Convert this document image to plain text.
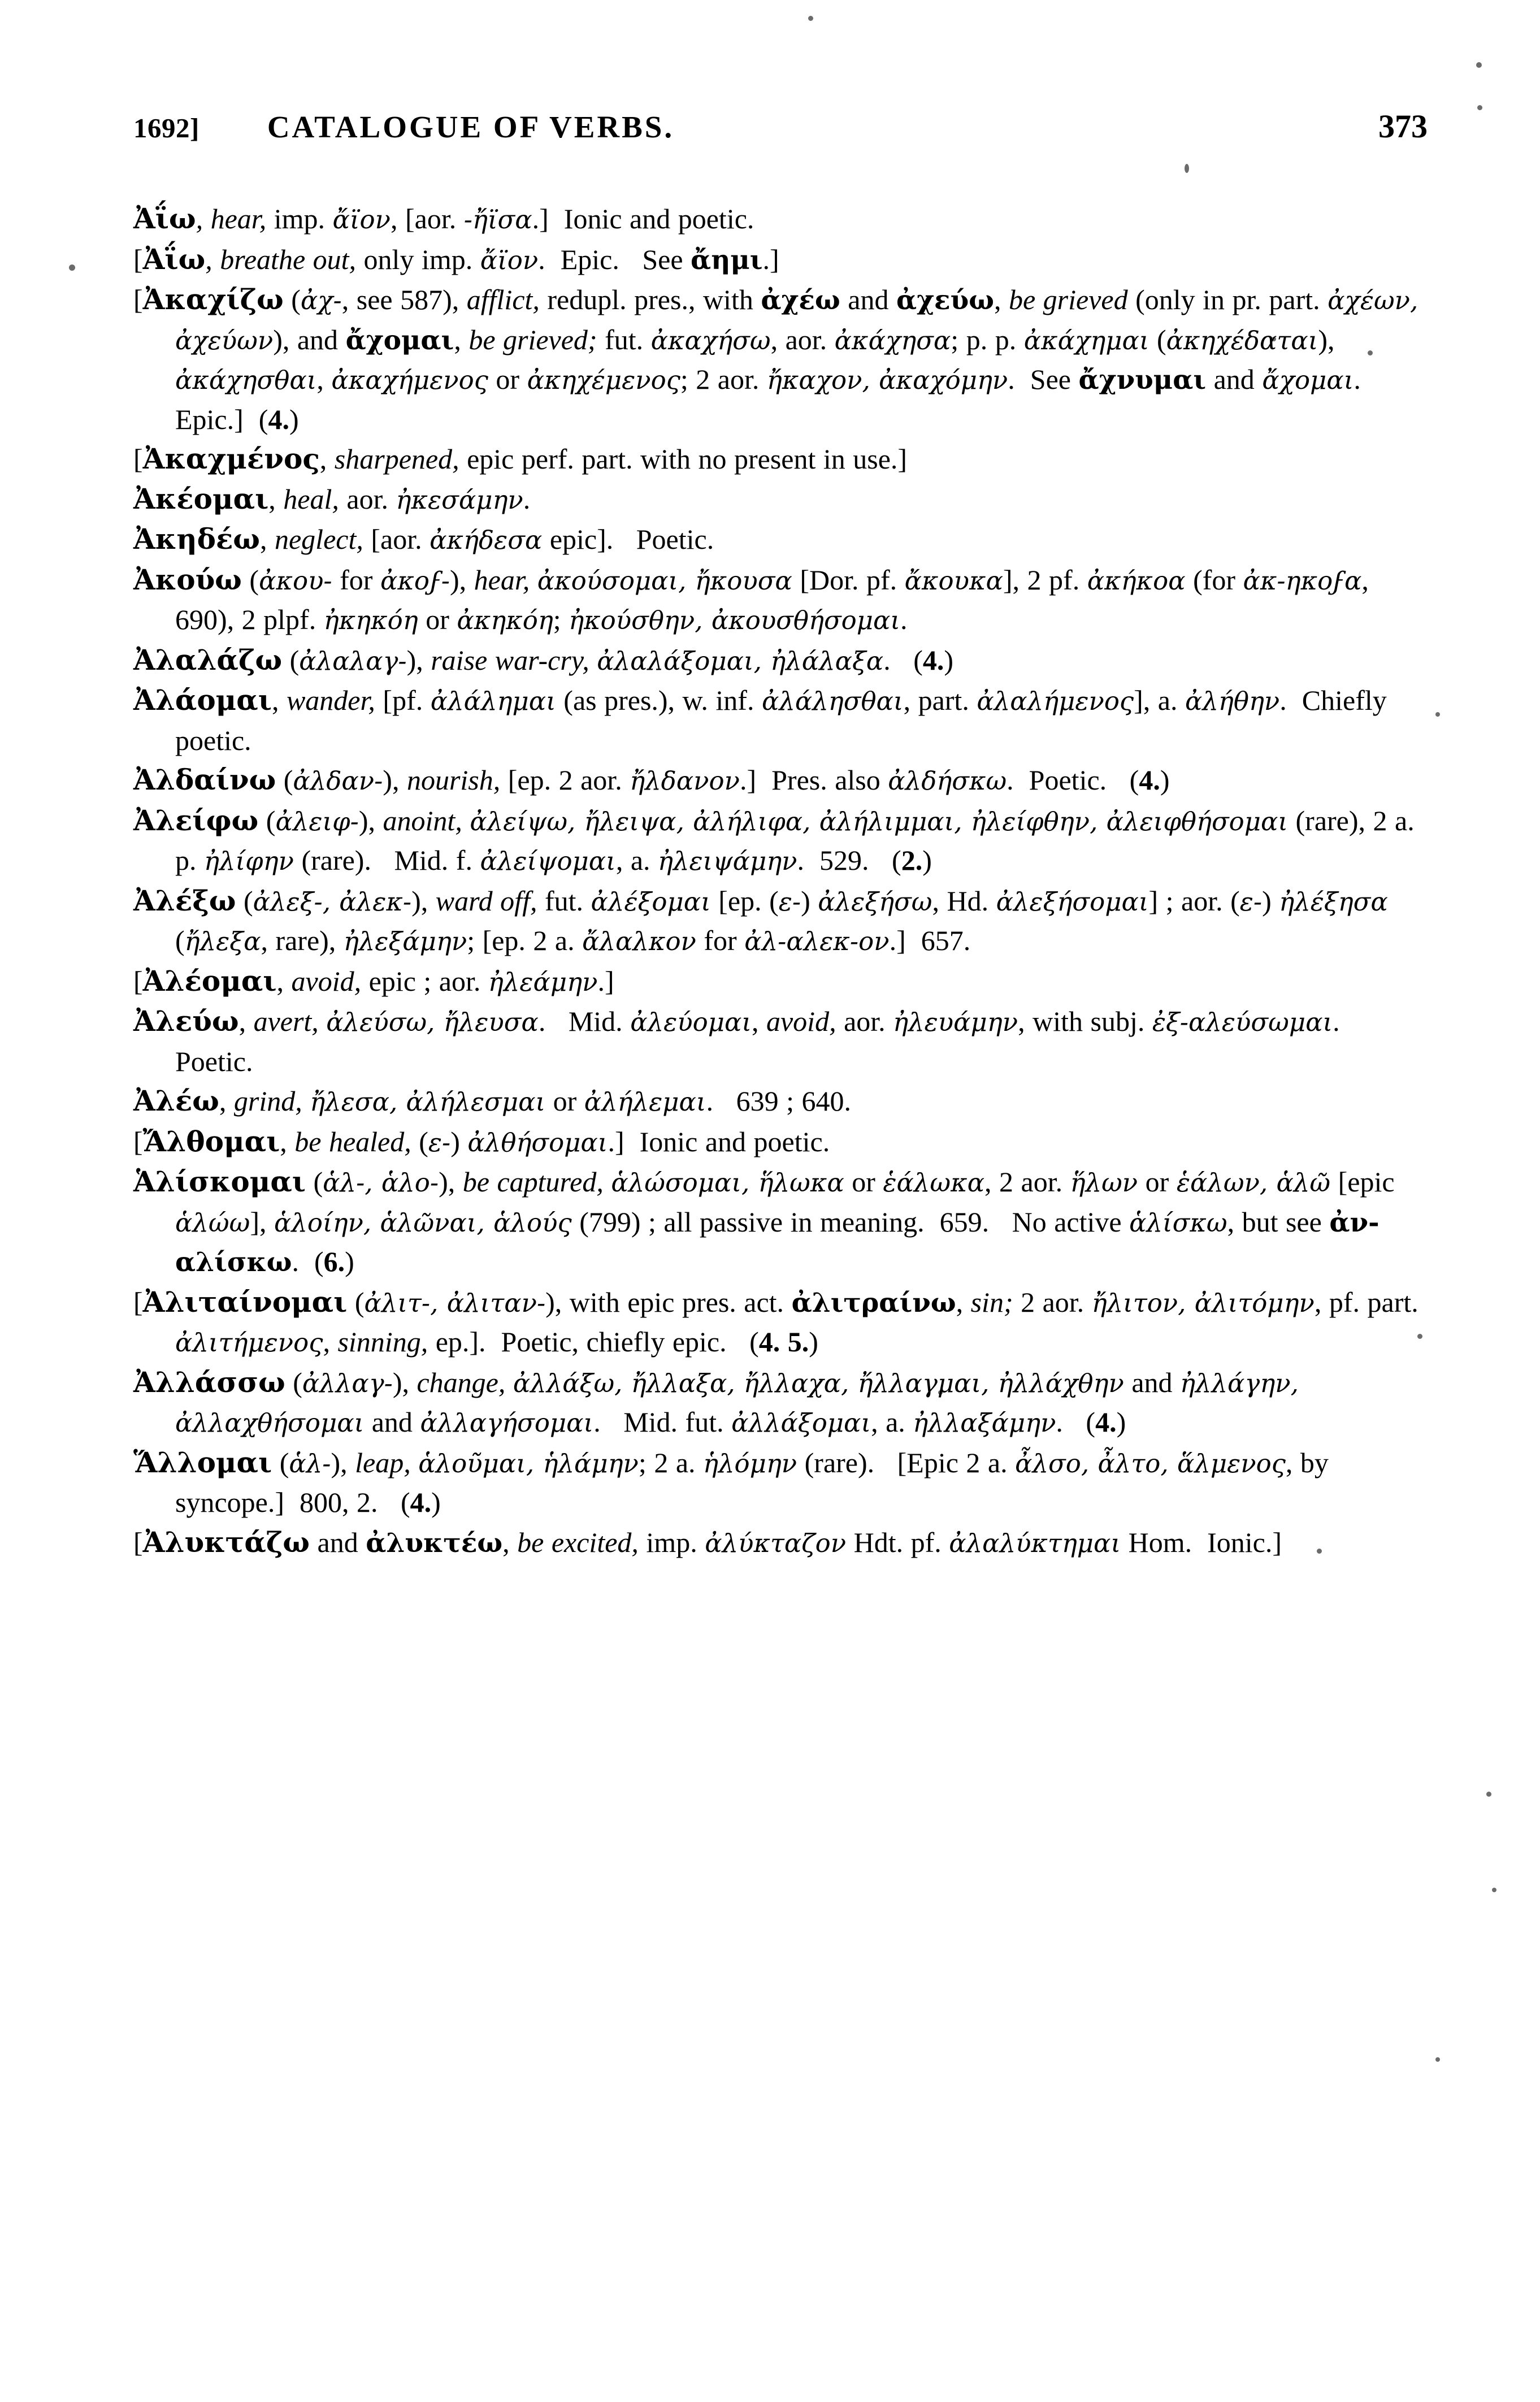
1692] CATALOGUE OF VERBS.	373

Ἀΐω, hear, imp. ἄϊον, [aor. -ἤϊσα.]  Ionic and poetic.

[Ἀΐω, breathe out, only imp. ἄϊον.  Epic.   See ἄημι.]

[Ἀκαχίζω (ἀχ-, see 587), afflict, redupl. pres., with ἀχέω and ἀχεύω, be grieved (only in pr. part. ἀχέων, ἀχεύων), and ἄχομαι, be grieved; fut. ἀκαχήσω, aor. ἀκάχησα; p. p. ἀκάχημαι (ἀκηχέδαται), ἀκάχησθαι, ἀκαχήμενος or ἀκηχέμενος; 2 aor. ἤκαχον, ἀκαχόμην.  See ἄχνυμαι and ἄχομαι.  Epic.]  (4.)

[Ἀκαχμένος, sharpened, epic perf. part. with no present in use.]

Ἀκέομαι, heal, aor. ἠκεσάμην.

Ἀκηδέω, neglect, [aor. ἀκήδεσα epic].   Poetic.

Ἀκούω (ἀκου- for ἀκοϝ-), hear, ἀκούσομαι, ἤκουσα [Dor. pf. ἄκουκα], 2 pf. ἀκήκοα (for ἀκ-ηκοϝα, 690), 2 plpf. ἠκηκόη or ἀκηκόη; ἠκούσθην, ἀκουσθήσομαι.

Ἀλαλάζω (ἀλαλαγ-), raise war-cry, ἀλαλάξομαι, ἠλάλαξα.   (4.)

Ἀλάομαι, wander, [pf. ἀλάλημαι (as pres.), w. inf. ἀλάλησθαι, part. ἀλαλήμενος], a. ἀλήθην.  Chiefly poetic.

Ἀλδαίνω (ἀλδαν-), nourish, [ep. 2 aor. ἤλδανον.]  Pres. also ἀλδήσκω.  Poetic.   (4.)

Ἀλείφω (ἀλειφ-), anoint, ἀλείψω, ἤλειψα, ἀλήλιφα, ἀλήλιμμαι, ἠλείφθην, ἀλειφθήσομαι (rare), 2 a. p. ἠλίφην (rare).   Mid. f. ἀλείψομαι, a. ἠλειψάμην.  529.   (2.)

Ἀλέξω (ἀλεξ-, ἀλεκ-), ward off, fut. ἀλέξομαι [ep. (ε-) ἀλεξήσω, Hd. ἀλεξήσομαι] ; aor. (ε-) ἠλέξησα (ἤλεξα, rare), ἠλεξάμην; [ep. 2 a. ἄλαλκον for ἀλ-αλεκ-ον.]  657.

[Ἀλέομαι, avoid, epic ; aor. ἠλεάμην.]

Ἀλεύω, avert, ἀλεύσω, ἤλευσα.   Mid. ἀλεύομαι, avoid, aor. ἠλευάμην, with subj. ἐξ-αλεύσωμαι.  Poetic.

Ἀλέω, grind, ἤλεσα, ἀλήλεσμαι or ἀλήλεμαι.   639 ; 640.

[Ἄλθομαι, be healed, (ε-) ἀλθήσομαι.]  Ionic and poetic.

Ἁλίσκομαι (ἁλ-, ἁλο-), be captured, ἁλώσομαι, ἥλωκα or ἑάλωκα, 2 aor. ἥλων or ἑάλων, ἁλῶ [epic ἁλώω], ἁλοίην, ἁλῶναι, ἁλούς (799) ; all passive in meaning.  659.   No active ἁλίσκω, but see ἀν-αλίσκω.  (6.)

[Ἀλιταίνομαι (ἀλιτ-, ἀλιταν-), with epic pres. act. ἀλιτραίνω, sin; 2 aor. ἤλιτον, ἀλιτόμην, pf. part. ἀλιτήμενος, sinning, ep.].  Poetic, chiefly epic.   (4. 5.)

Ἀλλάσσω (ἀλλαγ-), change, ἀλλάξω, ἤλλαξα, ἤλλαχα, ἤλλαγμαι, ἠλλάχθην and ἠλλάγην, ἀλλαχθήσομαι and ἀλλαγήσομαι.   Mid. fut. ἀλλάξομαι, a. ἠλλαξάμην.   (4.)

Ἅλλομαι (ἁλ-), leap, ἁλοῦμαι, ἡλάμην; 2 a. ἡλόμην (rare).   [Epic 2 a. ἆλσο, ἆλτο, ἅλμενος, by syncope.]  800, 2.   (4.)

[Ἀλυκτάζω and ἀλυκτέω, be excited, imp. ἀλύκταζον Hdt. pf. ἀλαλύκτημαι Hom.  Ionic.]
